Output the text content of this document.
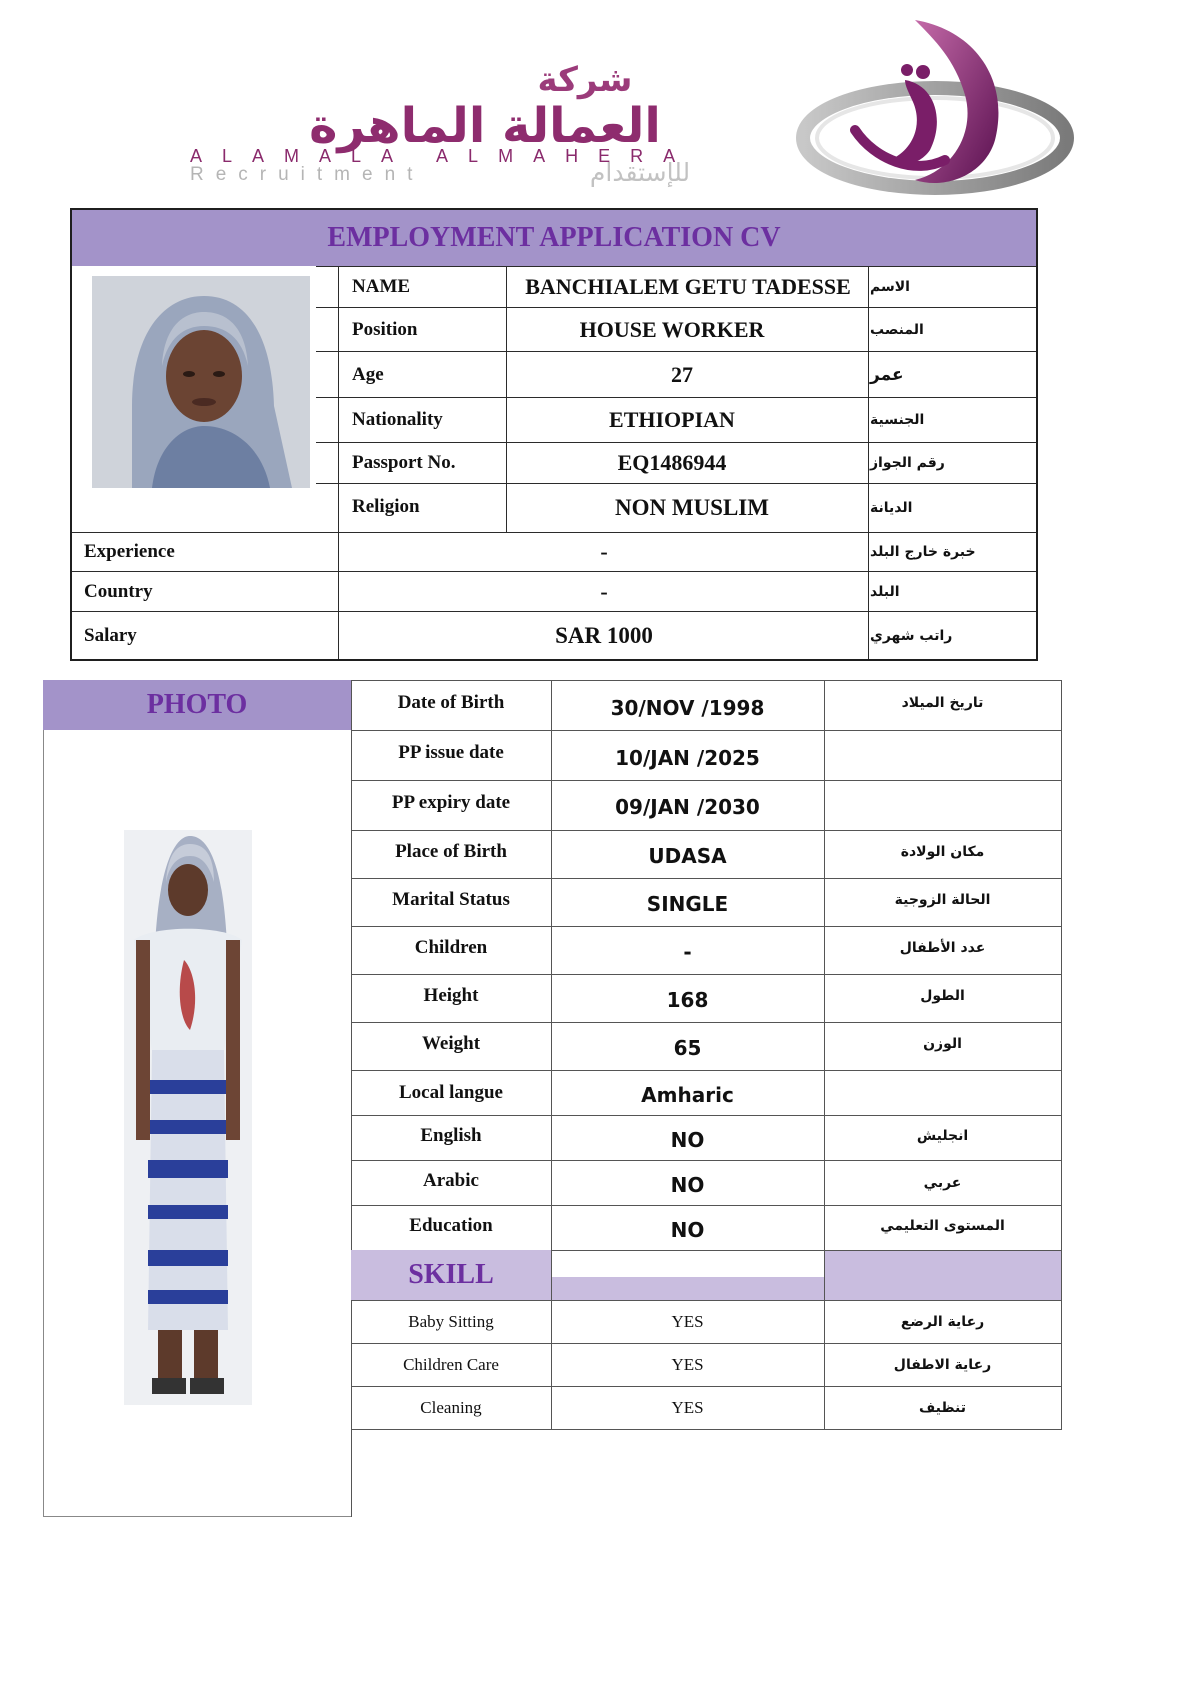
شركة
العمالة الماهرة
ALAMALA ALMAHERA
Recruitment	للإستقدام
EMPLOYMENT APPLICATION CV
NAME	BANCHIALEM GETU TADESSE	الاسم
Position	HOUSE WORKER	المنصب
Age	27	عمر
Nationality	ETHIOPIAN	الجنسية
Passport No.	EQ1486944	رقم الجواز
Religion	NON MUSLIM	الديانة
Experience	-	خبرة خارج البلد
Country	-	البلد
Salary	SAR 1000	راتب شهري
PHOTO
SKILL
Date of Birth	30/NOV /1998	تاريخ الميلاد
PP issue date	10/JAN /2025
PP expiry date	09/JAN /2030
Place of Birth	UDASA	مكان الولادة
Marital Status	SINGLE	الحالة الزوجية
Children	-	عدد الأطفال
Height	168	الطول
Weight	65	الوزن
Local langue	Amharic
English	NO	انجليش
Arabic	NO	عربي
Education	NO	المستوى التعليمي
Baby Sitting	YES	رعاية الرضع
Children Care	YES	رعاية الاطفال
Cleaning	YES	تنظيف
